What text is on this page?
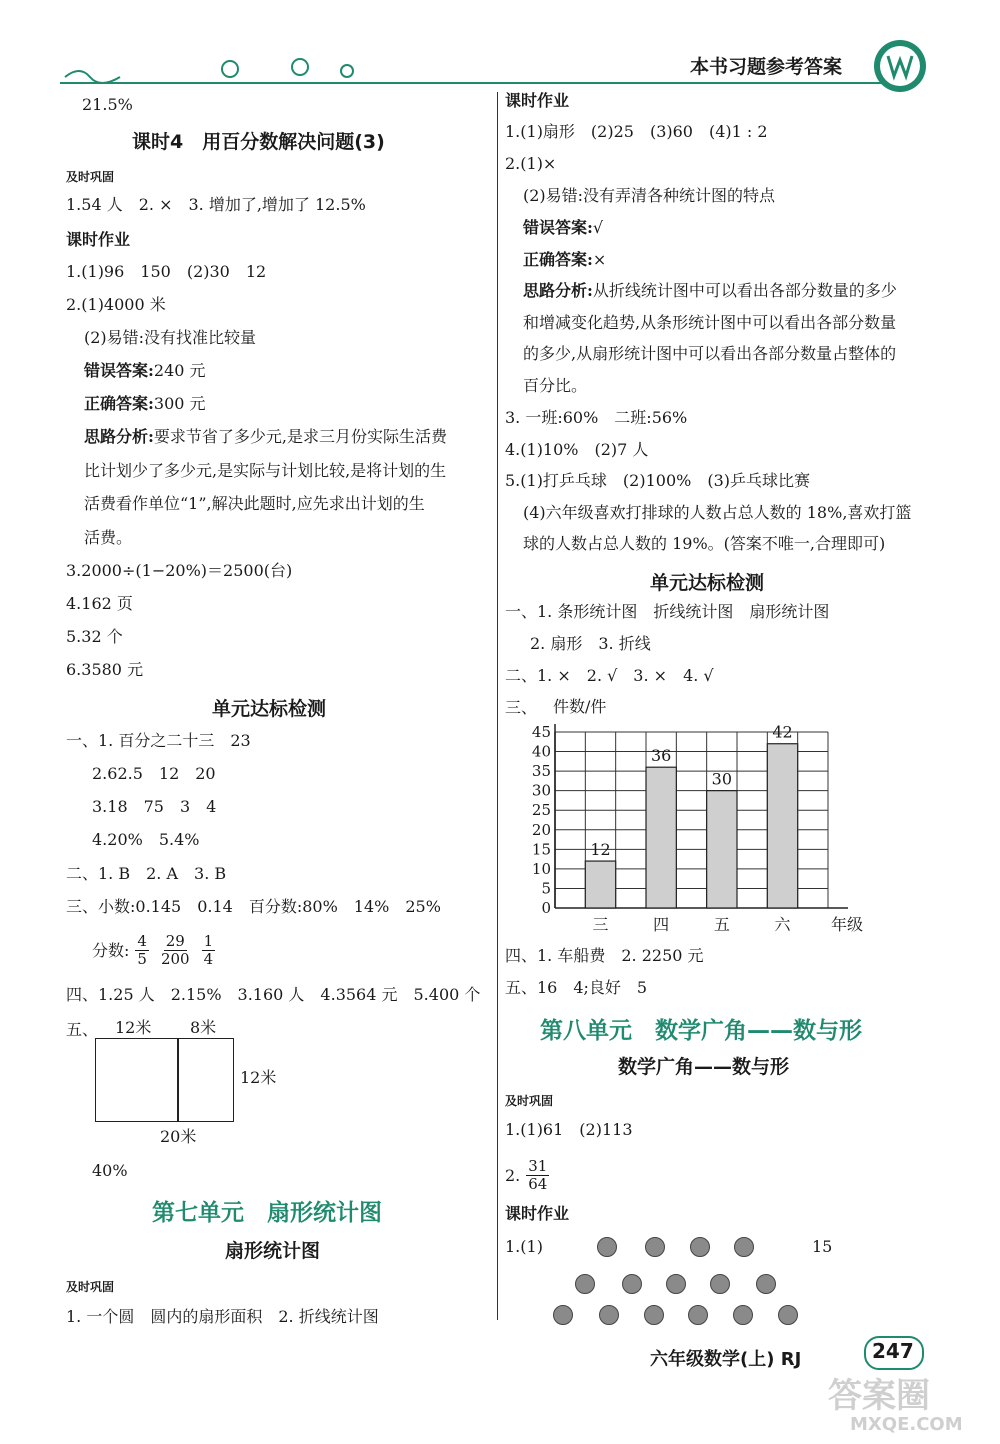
本书习题参考答案
21.5%
课时4　用百分数解决问题(3)
及时巩固
1.54 人　2. ×　3. 增加了,增加了 12.5%
课时作业
1.(1)96　150　(2)30　12
2.(1)4000 米
(2)易错:没有找准比较量
错误答案:240 元
正确答案:300 元
思路分析:要求节省了多少元,是求三月份实际生活费
比计划少了多少元,是实际与计划比较,是将计划的生
活费看作单位“1”,解决此题时,应先求出计划的生
活费。
3.2000÷(1−20%)＝2500(台)
4.162 页
5.32 个
6.3580 元
单元达标检测
一、1. 百分之二十三　23
2.62.5　12　20
3.18　75　3　4
4.20%　5.4%
二、1. B　2. A　3. B
三、小数:0.145　0.14　百分数:80%　14%　25%
分数: $\frac{4}{5} \frac{29}{200} \frac{1}{4}$
四、1.25 人　2.15%　3.160 人　4.3564 元　5.400 个
五、 12米 8米
12米
20米
40%
第七单元　扇形统计图
扇形统计图
及时巩固
1. 一个圆　圆内的扇形面积　2. 折线统计图
课时作业
1.(1)扇形　(2)25　(3)60　(4)1 : 2
2.(1)×
(2)易错:没有弄清各种统计图的特点
错误答案:√
正确答案:×
思路分析:从折线统计图中可以看出各部分数量的多少
和增减变化趋势,从条形统计图中可以看出各部分数量
的多少,从扇形统计图中可以看出各部分数量占整体的
百分比。
3. 一班:60%　二班:56%
4.(1)10%　(2)7 人
5.(1)打乒乓球　(2)100%　(3)乒乓球比赛
(4)六年级喜欢打排球的人数占总人数的 18%,喜欢打篮
球的人数占总人数的 19%。(答案不唯一,合理即可)
单元达标检测
一、1. 条形统计图　折线统计图　扇形统计图
2. 扇形　3. 折线
二、1. ×　2. √　3. ×　4. √
三、
0
5
10
15
20
25
30
35
40
45
件数/件
12
三
36
四
30
五
42
六	年级
四、1. 车船费　2. 2250 元
五、16　4;良好　5
第八单元　数学广角——数与形
数学广角——数与形
及时巩固
1.(1)61　(2)113
2. $\frac{31}{64}$
课时作业
1.(1)	15
六年级数学(上) RJ	247
答案圈
MXQE.COM
